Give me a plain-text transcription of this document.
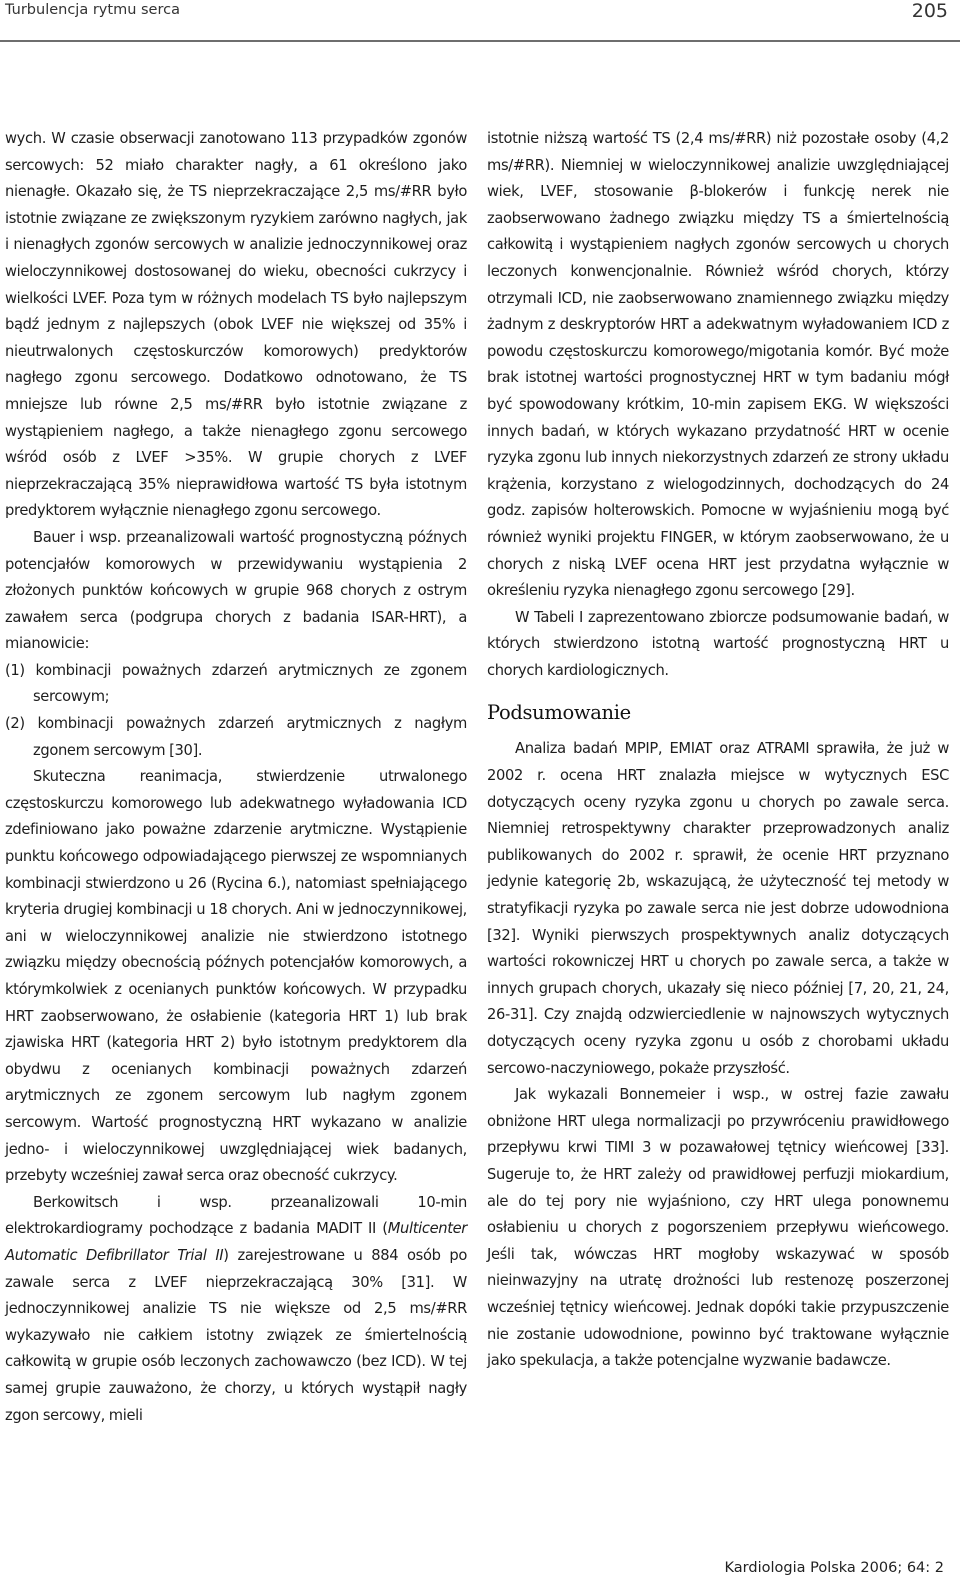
Turbulencja rytmu serca	205

wych. W czasie obserwacji zanotowano 113 przypadków zgonów sercowych: 52 miało charakter nagły, a 61 określono jako nienagłe. Okazało się, że TS nieprzekraczające 2,5 ms/#RR było istotnie związane ze zwiększonym ryzykiem zarówno nagłych, jak i nienagłych zgonów sercowych w analizie jednoczynnikowej oraz wieloczynnikowej dostosowanej do wieku, obecności cukrzycy i wielkości LVEF. Poza tym w różnych modelach TS było najlepszym bądź jednym z najlepszych (obok LVEF nie większej od 35% i nieutrwalonych częstoskurczów komorowych) predyktorów nagłego zgonu sercowego. Dodatkowo odnotowano, że TS mniejsze lub równe 2,5 ms/#RR było istotnie związane z wystąpieniem nagłego, a także nienagłego zgonu sercowego wśród osób z LVEF >35%. W grupie chorych z LVEF nieprzekraczającą 35% nieprawidłowa wartość TS była istotnym predyktorem wyłącznie nienagłego zgonu sercowego.

Bauer i wsp. przeanalizowali wartość prognostyczną późnych potencjałów komorowych w przewidywaniu wystąpienia 2 złożonych punktów końcowych w grupie 968 chorych z ostrym zawałem serca (podgrupa chorych z badania ISAR-HRT), a mianowicie:

(1) kombinacji poważnych zdarzeń arytmicznych ze zgonem sercowym;

(2) kombinacji poważnych zdarzeń arytmicznych z nagłym zgonem sercowym [30].

Skuteczna reanimacja, stwierdzenie utrwalonego częstoskurczu komorowego lub adekwatnego wyładowania ICD zdefiniowano jako poważne zdarzenie arytmiczne. Wystąpienie punktu końcowego odpowiadającego pierwszej ze wspomnianych kombinacji stwierdzono u 26 (Rycina 6.), natomiast spełniającego kryteria drugiej kombinacji u 18 chorych. Ani w jednoczynnikowej, ani w wieloczynnikowej analizie nie stwierdzono istotnego związku między obecnością późnych potencjałów komorowych, a którymkolwiek z ocenianych punktów końcowych. W przypadku HRT zaobserwowano, że osłabienie (kategoria HRT 1) lub brak zjawiska HRT (kategoria HRT 2) było istotnym predyktorem dla obydwu z ocenianych kombinacji poważnych zdarzeń arytmicznych ze zgonem sercowym lub nagłym zgonem sercowym. Wartość prognostyczną HRT wykazano w analizie jedno- i wieloczynnikowej uwzględniającej wiek badanych, przebyty wcześniej zawał serca oraz obecność cukrzycy.

Berkowitsch i wsp. przeanalizowali 10-min elektrokardiogramy pochodzące z badania MADIT II (Multicenter Automatic Defibrillator Trial II) zarejestrowane u 884 osób po zawale serca z LVEF nieprzekraczającą 30% [31]. W jednoczynnikowej analizie TS nie większe od 2,5 ms/#RR wykazywało nie całkiem istotny związek ze śmiertelnością całkowitą w grupie osób leczonych zachowawczo (bez ICD). W tej samej grupie zauważono, że chorzy, u których wystąpił nagły zgon sercowy, mieli

istotnie niższą wartość TS (2,4 ms/#RR) niż pozostałe osoby (4,2 ms/#RR). Niemniej w wieloczynnikowej analizie uwzględniającej wiek, LVEF, stosowanie β-blokerów i funkcję nerek nie zaobserwowano żadnego związku między TS a śmiertelnością całkowitą i wystąpieniem nagłych zgonów sercowych u chorych leczonych konwencjonalnie. Również wśród chorych, którzy otrzymali ICD, nie zaobserwowano znamiennego związku między żadnym z deskryptorów HRT a adekwatnym wyładowaniem ICD z powodu częstoskurczu komorowego/migotania komór. Być może brak istotnej wartości prognostycznej HRT w tym badaniu mógł być spowodowany krótkim, 10-min zapisem EKG. W większości innych badań, w których wykazano przydatność HRT w ocenie ryzyka zgonu lub innych niekorzystnych zdarzeń ze strony układu krążenia, korzystano z wielogodzinnych, dochodzących do 24 godz. zapisów holterowskich. Pomocne w wyjaśnieniu mogą być również wyniki projektu FINGER, w którym zaobserwowano, że u chorych z niską LVEF ocena HRT jest przydatna wyłącznie w określeniu ryzyka nienagłego zgonu sercowego [29].

W Tabeli I zaprezentowano zbiorcze podsumowanie badań, w których stwierdzono istotną wartość prognostyczną HRT u chorych kardiologicznych.

Podsumowanie

Analiza badań MPIP, EMIAT oraz ATRAMI sprawiła, że już w 2002 r. ocena HRT znalazła miejsce w wytycznych ESC dotyczących oceny ryzyka zgonu u chorych po zawale serca. Niemniej retrospektywny charakter przeprowadzonych analiz publikowanych do 2002 r. sprawił, że ocenie HRT przyznano jedynie kategorię 2b, wskazującą, że użyteczność tej metody w stratyfikacji ryzyka po zawale serca nie jest dobrze udowodniona [32]. Wyniki pierwszych prospektywnych analiz dotyczących wartości rokowniczej HRT u chorych po zawale serca, a także w innych grupach chorych, ukazały się nieco później [7, 20, 21, 24, 26-31]. Czy znajdą odzwierciedlenie w najnowszych wytycznych dotyczących oceny ryzyka zgonu u osób z chorobami układu sercowo-naczyniowego, pokaże przyszłość.

Jak wykazali Bonnemeier i wsp., w ostrej fazie zawału obniżone HRT ulega normalizacji po przywróceniu prawidłowego przepływu krwi TIMI 3 w pozawałowej tętnicy wieńcowej [33]. Sugeruje to, że HRT zależy od prawidłowej perfuzji miokardium, ale do tej pory nie wyjaśniono, czy HRT ulega ponownemu osłabieniu u chorych z pogorszeniem przepływu wieńcowego. Jeśli tak, wówczas HRT mogłoby wskazywać w sposób nieinwazyjny na utratę drożności lub restenozę poszerzonej wcześniej tętnicy wieńcowej. Jednak dopóki takie przypuszczenie nie zostanie udowodnione, powinno być traktowane wyłącznie jako spekulacja, a także potencjalne wyzwanie badawcze.

Kardiologia Polska 2006; 64: 2
